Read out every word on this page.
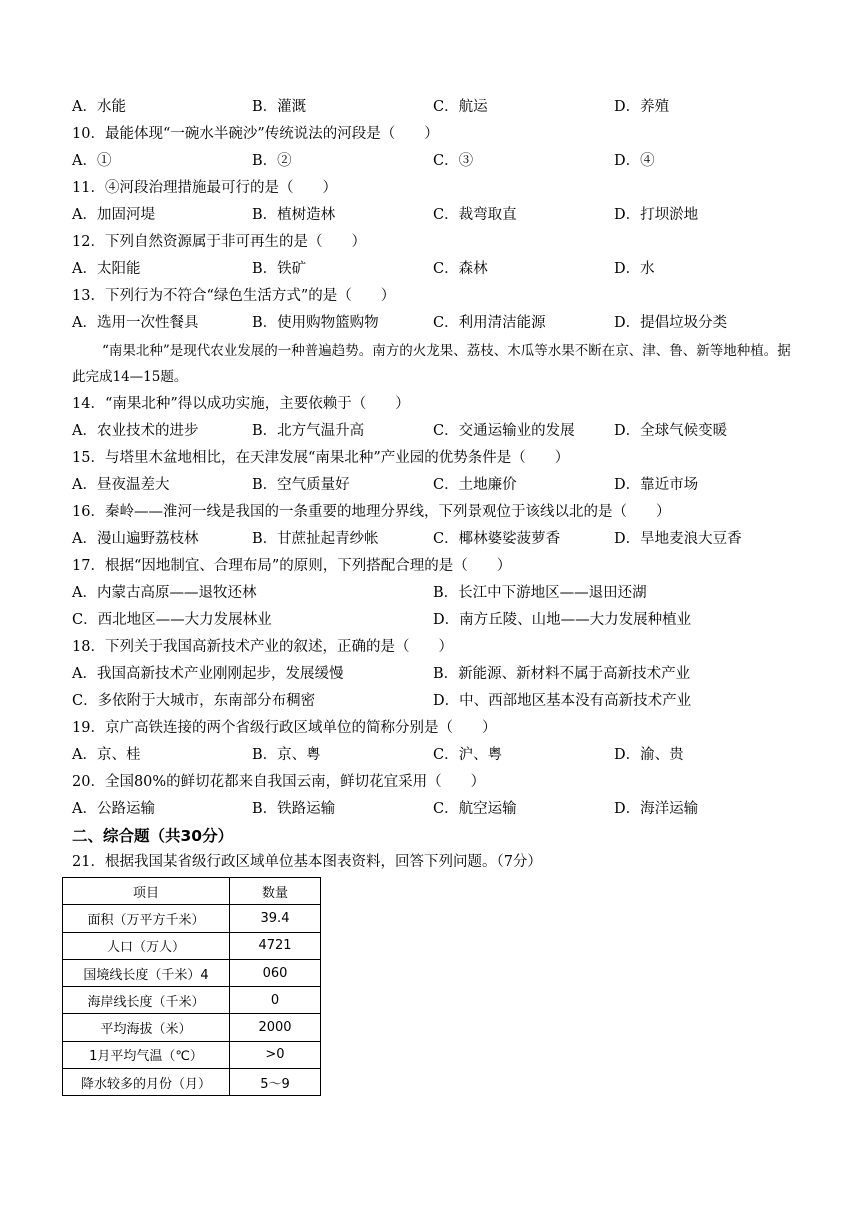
A．水能	B．灌溉	C．航运	D．养殖
10．最能体现“一碗水半碗沙”传统说法的河段是（　　）
A．①	B．②	C．③	D．④
11．④河段治理措施最可行的是（　　）
A．加固河堤	B．植树造林	C．裁弯取直	D．打坝淤地
12．下列自然资源属于非可再生的是（　　）
A．太阳能	B．铁矿	C．森林	D．水
13．下列行为不符合“绿色生活方式”的是（　　）
A．选用一次性餐具	B．使用购物篮购物	C．利用清洁能源	D．提倡垃圾分类
“南果北种”是现代农业发展的一种普遍趋势。南方的火龙果、荔枝、木瓜等水果不断在京、津、鲁、新等地种植。据此完成14—15题。
14．“南果北种”得以成功实施，主要依赖于（　　）
A．农业技术的进步	B．北方气温升高	C．交通运输业的发展	D．全球气候变暖
15．与塔里木盆地相比，在天津发展“南果北种”产业园的优势条件是（　　）
A．昼夜温差大	B．空气质量好	C．土地廉价	D．靠近市场
16．秦岭——淮河一线是我国的一条重要的地理分界线，下列景观位于该线以北的是（　　）
A．漫山遍野荔枝林	B．甘蔗扯起青纱帐	C．椰林婆娑菠萝香	D．旱地麦浪大豆香
17．根据“因地制宜、合理布局”的原则，下列搭配合理的是（　　）
A．内蒙古高原——退牧还林	B．长江中下游地区——退田还湖
C．西北地区——大力发展林业	D．南方丘陵、山地——大力发展种植业
18．下列关于我国高新技术产业的叙述，正确的是（　　）
A．我国高新技术产业刚刚起步，发展缓慢	B．新能源、新材料不属于高新技术产业
C．多依附于大城市，东南部分布稠密	D．中、西部地区基本没有高新技术产业
19．京广高铁连接的两个省级行政区域单位的简称分别是（　　）
A．京、桂	B．京、粤	C．沪、粤	D．渝、贵
20．全国80%的鲜切花都来自我国云南，鲜切花宜采用（　　）
A．公路运输	B．铁路运输	C．航空运输	D．海洋运输
二、综合题（共30分）
21．根据我国某省级行政区域单位基本图表资料，回答下列问题。（7分）
项目	数量
面积（万平方千米）	39.4
人口（万人）	4721
国境线长度（千米）4	060
海岸线长度（千米）	0
平均海拔（米）	2000
1月平均气温（℃）	>0
降水较多的月份（月）	5～9
